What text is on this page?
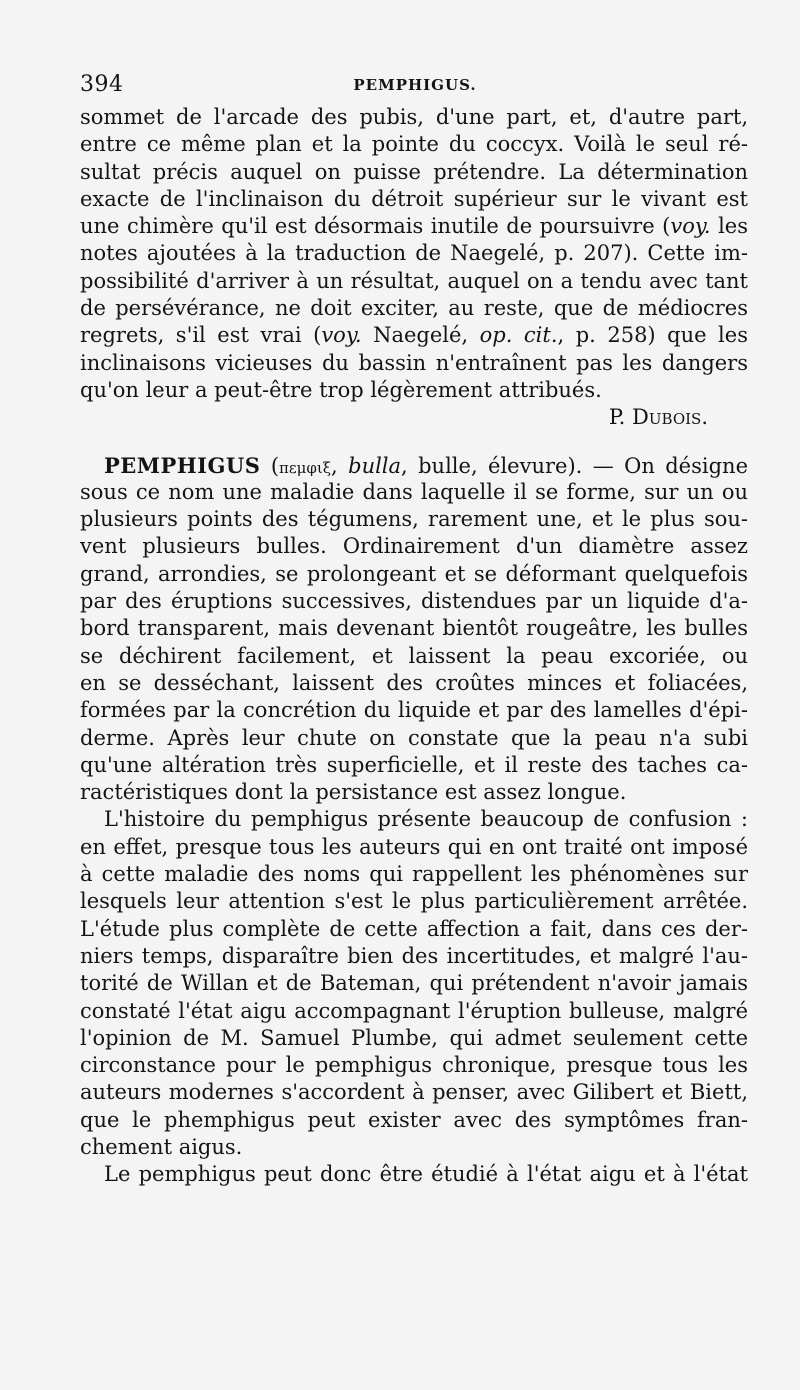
394	PEMPHIGUS.
sommet de l'arcade des pubis, d'une part, et, d'autre part,
entre ce même plan et la pointe du coccyx. Voilà le seul ré-
sultat précis auquel on puisse prétendre. La détermination
exacte de l'inclinaison du détroit supérieur sur le vivant est
une chimère qu'il est désormais inutile de poursuivre (voy. les
notes ajoutées à la traduction de Naegelé, p. 207). Cette im-
possibilité d'arriver à un résultat, auquel on a tendu avec tant
de persévérance, ne doit exciter, au reste, que de médiocres
regrets, s'il est vrai (voy. Naegelé, op. cit., p. 258) que les
inclinaisons vicieuses du bassin n'entraînent pas les dangers
qu'on leur a peut-être trop légèrement attribués.
P. Dubois.
PEMPHIGUS (πεμφιξ, bulla, bulle, élevure). — On désigne
sous ce nom une maladie dans laquelle il se forme, sur un ou
plusieurs points des tégumens, rarement une, et le plus sou-
vent plusieurs bulles. Ordinairement d'un diamètre assez
grand, arrondies, se prolongeant et se déformant quelquefois
par des éruptions successives, distendues par un liquide d'a-
bord transparent, mais devenant bientôt rougeâtre, les bulles
se déchirent facilement, et laissent la peau excoriée, ou
en se desséchant, laissent des croûtes minces et foliacées,
formées par la concrétion du liquide et par des lamelles d'épi-
derme. Après leur chute on constate que la peau n'a subi
qu'une altération très superficielle, et il reste des taches ca-
ractéristiques dont la persistance est assez longue.
L'histoire du pemphigus présente beaucoup de confusion :
en effet, presque tous les auteurs qui en ont traité ont imposé
à cette maladie des noms qui rappellent les phénomènes sur
lesquels leur attention s'est le plus particulièrement arrêtée.
L'étude plus complète de cette affection a fait, dans ces der-
niers temps, disparaître bien des incertitudes, et malgré l'au-
torité de Willan et de Bateman, qui prétendent n'avoir jamais
constaté l'état aigu accompagnant l'éruption bulleuse, malgré
l'opinion de M. Samuel Plumbe, qui admet seulement cette
circonstance pour le pemphigus chronique, presque tous les
auteurs modernes s'accordent à penser, avec Gilibert et Biett,
que le phemphigus peut exister avec des symptômes fran-
chement aigus.
Le pemphigus peut donc être étudié à l'état aigu et à l'état
